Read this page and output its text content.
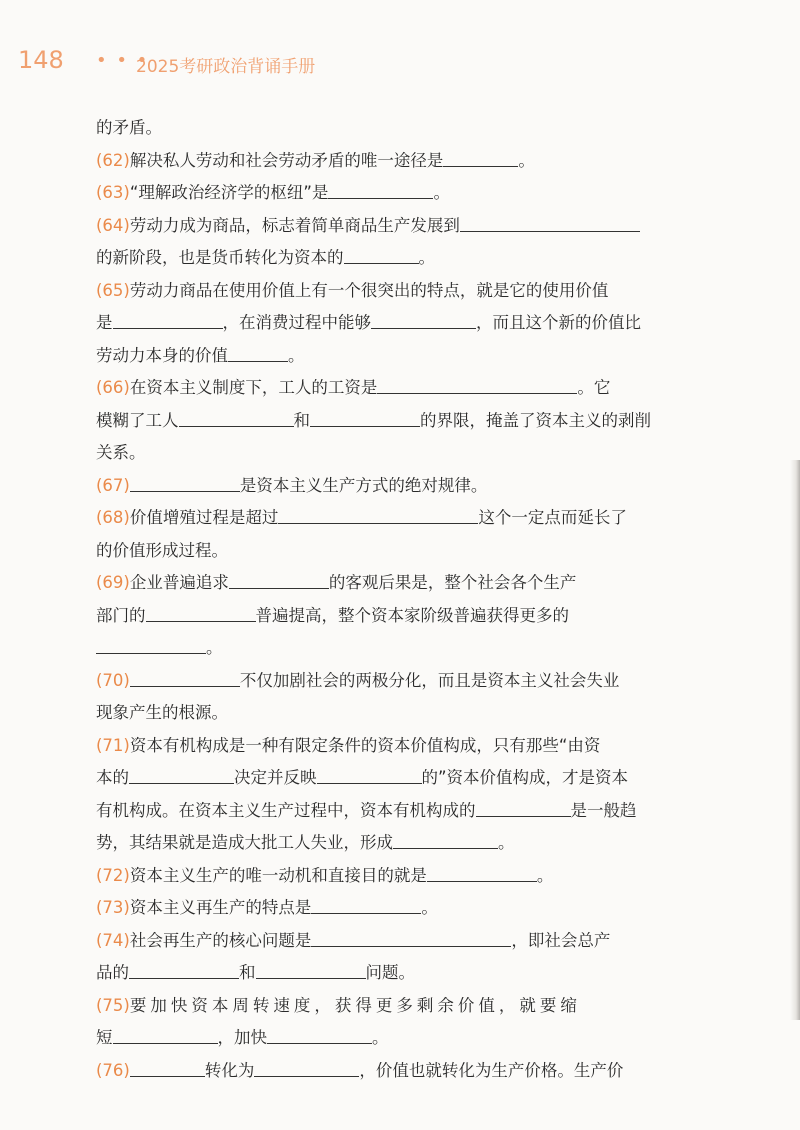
148 • • •
2025考研政治背诵手册
的矛盾。
(62)解决私人劳动和社会劳动矛盾的唯一途径是	。
(63)“理解政治经济学的枢纽”是	。
(64)劳动力成为商品，标志着简单商品生产发展到
的新阶段，也是货币转化为资本的	。
(65)劳动力商品在使用价值上有一个很突出的特点，就是它的使用价值
是	，在消费过程中能够	，而且这个新的价值比
劳动力本身的价值	。
(66)在资本主义制度下，工人的工资是	。它
模糊了工人	和	的界限，掩盖了资本主义的剥削
关系。
(67)	是资本主义生产方式的绝对规律。
(68)价值增殖过程是超过	这个一定点而延长了
的价值形成过程。
(69)企业普遍追求	的客观后果是，整个社会各个生产
部门的	普遍提高，整个资本家阶级普遍获得更多的
。
(70)	不仅加剧社会的两极分化，而且是资本主义社会失业
现象产生的根源。
(71)资本有机构成是一种有限定条件的资本价值构成，只有那些“由资
本的	决定并反映	的”资本价值构成，才是资本
有机构成。在资本主义生产过程中，资本有机构成的	是一般趋
势，其结果就是造成大批工人失业，形成	。
(72)资本主义生产的唯一动机和直接目的就是	。
(73)资本主义再生产的特点是	。
(74)社会再生产的核心问题是	，即社会总产
品的	和	问题。
(75)要加快资本周转速度，获得更多剩余价值，就要缩
短	，加快	。
(76)	转化为	，价值也就转化为生产价格。生产价
